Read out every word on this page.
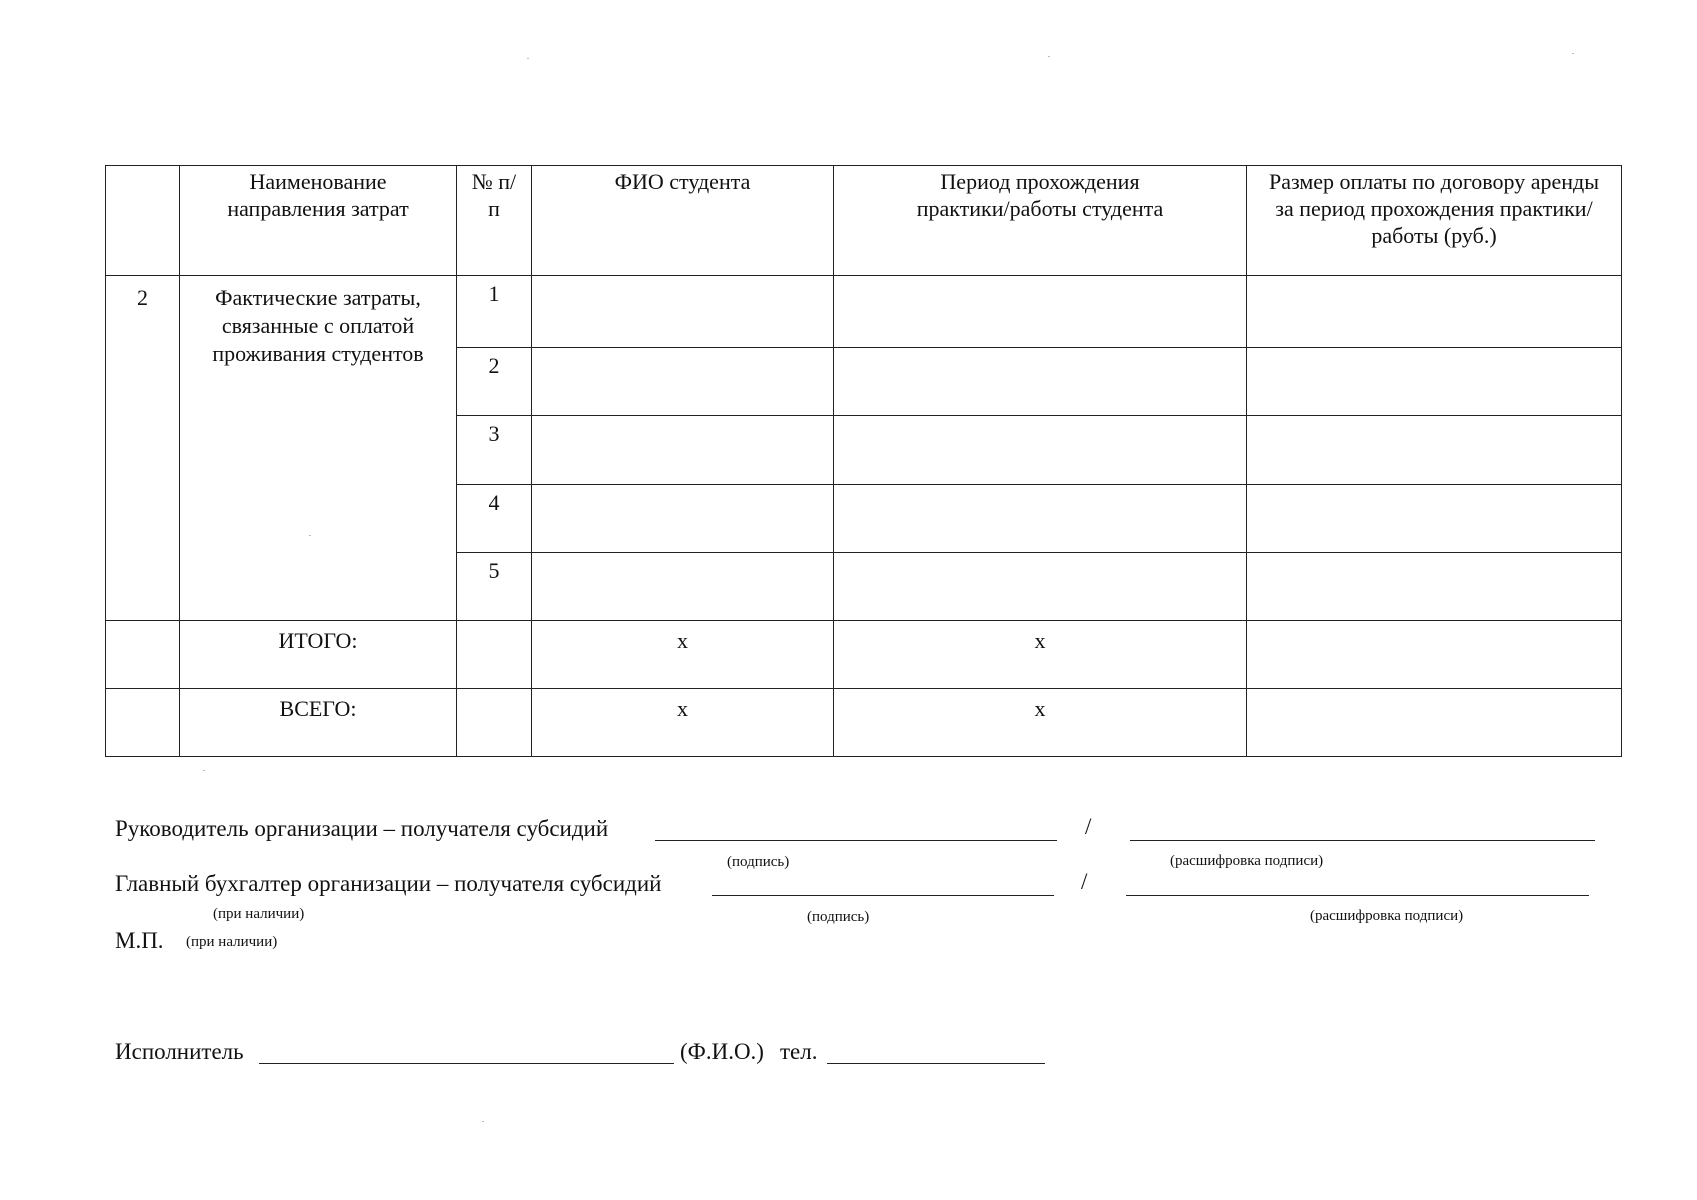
	Наименование направления затрат	№ п/п	ФИО студента	Период прохождения практики/работы студента	Размер оплаты по договору аренды за период прохождения практики/работы (руб.)
2	Фактические затраты, связанные с оплатой проживания студентов	1			
		2			
		3			
		4			
		5			
	ИТОГО:		x	x	
	ВСЕГО:		x	x	
Руководитель организации – получателя субсидий	/
(подпись)	(расшифровка подписи)
Главный бухгалтер организации – получателя субсидий	/
(при наличии)	(подпись)	(расшифровка подписи)
М.П. (при наличии)
Исполнитель	(Ф.И.О.) тел.
